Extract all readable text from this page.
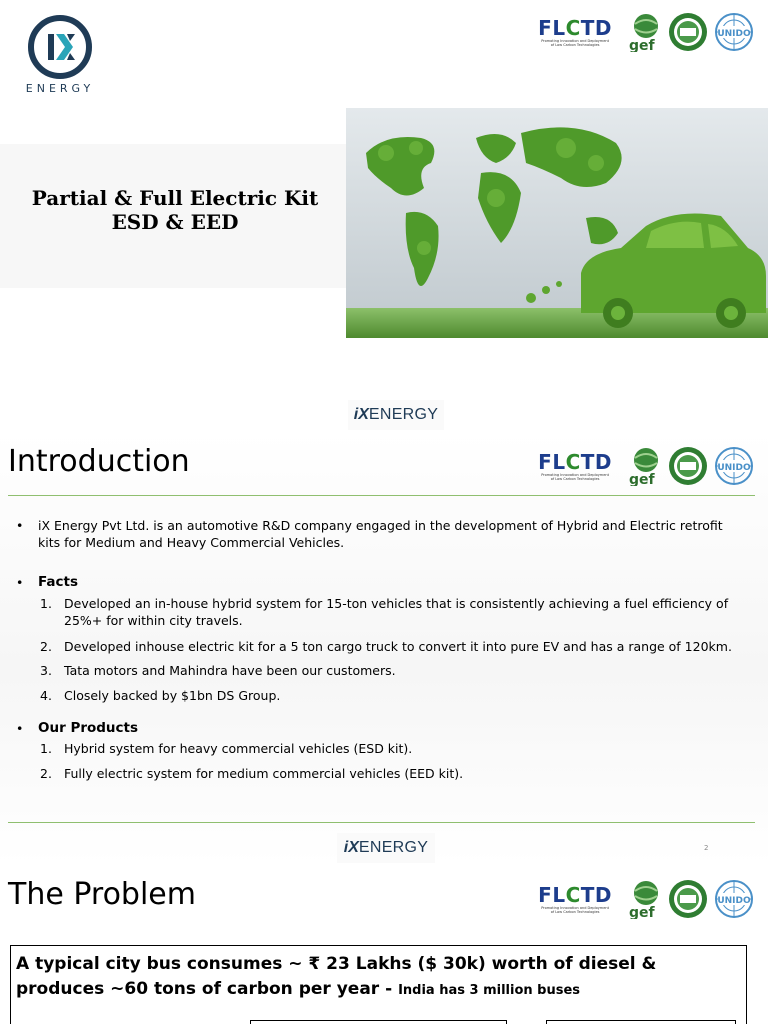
ENERGY
FLCTD
Promoting Innovation and Deployment of Low Carbon Technologies	gef
UNIDO
Partial & Full Electric Kit
ESD & EED
iXENERGY
Introduction	FLCTD
Promoting Innovation and Deployment of Low Carbon Technologies	gef
UNIDO
• iX Energy Pvt Ltd. is an automotive R&D company engaged in the development of Hybrid and Electric retrofit kits for Medium and Heavy Commercial Vehicles.
• Facts
1. Developed an in-house hybrid system for 15-ton vehicles that is consistently achieving a fuel efficiency of 25%+ for within city travels.
2. Developed inhouse electric kit for a 5 ton cargo truck to convert it into pure EV and has a range of 120km.
3. Tata motors and Mahindra have been our customers.
4. Closely backed by $1bn DS Group.
• Our Products
1. Hybrid system for heavy commercial vehicles (ESD kit).
2. Fully electric system for medium commercial vehicles (EED kit).
iXENERGY	2
The Problem	FLCTD
Promoting Innovation and Deployment of Low Carbon Technologies	gef
UNIDO
A typical city bus consumes ~ ₹ 23 Lakhs ($ 30k) worth of diesel & produces ~60 tons of carbon per year - India has 3 million buses
